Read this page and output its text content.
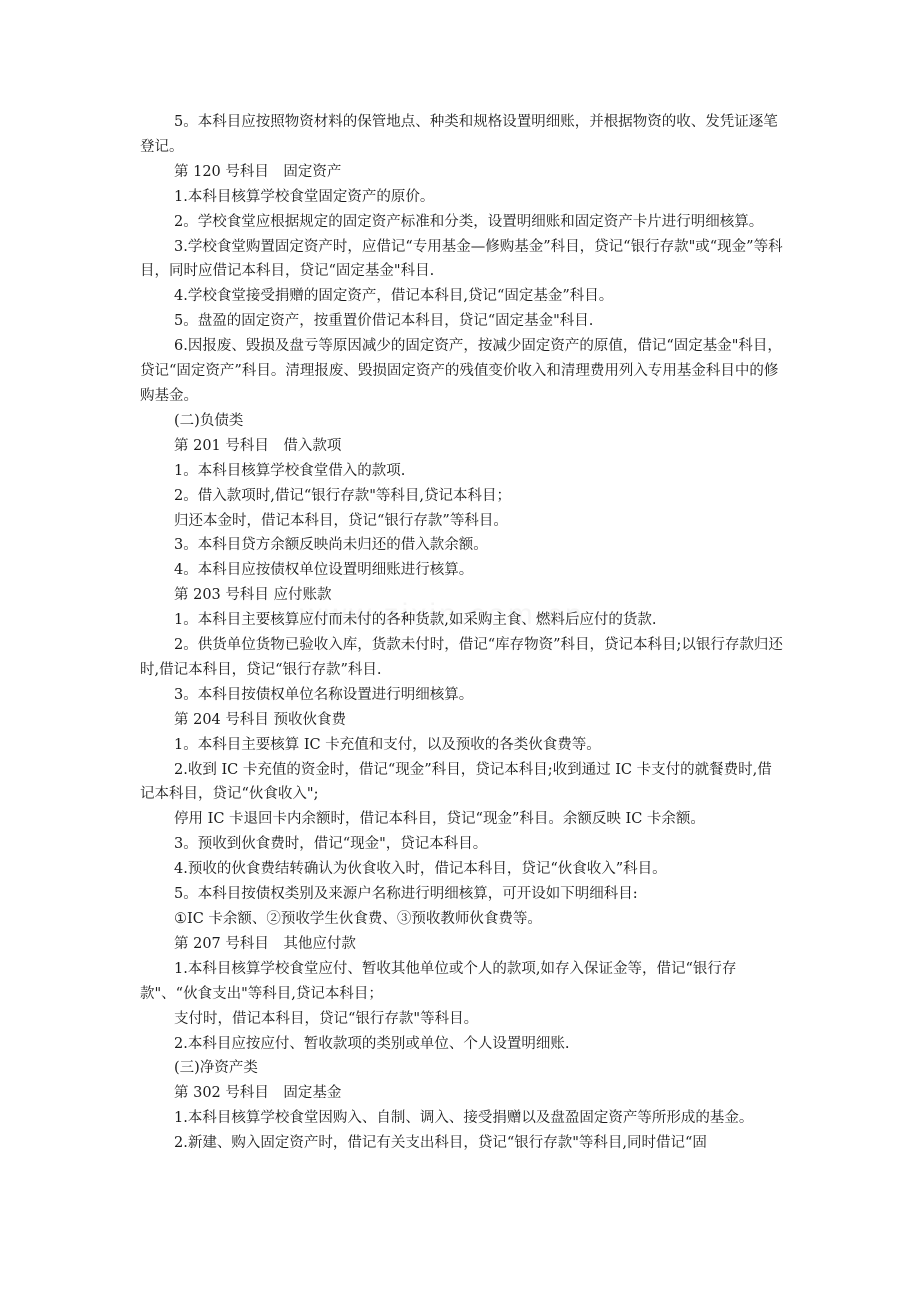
5。本科目应按照物资材料的保管地点、种类和规格设置明细账，并根据物资的收、发凭证逐笔登记。

第 120 号科目　固定资产

1.本科目核算学校食堂固定资产的原价。

2。学校食堂应根据规定的固定资产标准和分类，设置明细账和固定资产卡片进行明细核算。

3.学校食堂购置固定资产时，应借记“专用基金—修购基金”科目，贷记“银行存款"或“现金”等科目，同时应借记本科目，贷记“固定基金"科目.

4.学校食堂接受捐赠的固定资产，借记本科目,贷记“固定基金”科目。

5。盘盈的固定资产，按重置价借记本科目，贷记“固定基金"科目.

6.因报废、毁损及盘亏等原因减少的固定资产，按减少固定资产的原值，借记“固定基金"科目，贷记“固定资产”科目。清理报废、毁损固定资产的残值变价收入和清理费用列入专用基金科目中的修购基金。

(二)负债类

第 201 号科目　借入款项

1。本科目核算学校食堂借入的款项.

2。借入款项时,借记“银行存款"等科目,贷记本科目；

归还本金时，借记本科目，贷记“银行存款”等科目。

3。本科目贷方余额反映尚未归还的借入款余额。

4。本科目应按债权单位设置明细账进行核算。

第 203 号科目 应付账款

1。本科目主要核算应付而未付的各种货款,如采购主食、燃料后应付的货款.

2。供货单位货物已验收入库，货款未付时，借记“库存物资”科目，贷记本科目;以银行存款归还时,借记本科目，贷记“银行存款”科目.

3。本科目按债权单位名称设置进行明细核算。

第 204 号科目 预收伙食费

1。本科目主要核算 IC 卡充值和支付，以及预收的各类伙食费等。

2.收到 IC 卡充值的资金时，借记“现金”科目，贷记本科目;收到通过 IC 卡支付的就餐费时,借记本科目，贷记“伙食收入";

停用 IC 卡退回卡内余额时，借记本科目，贷记“现金”科目。余额反映 IC 卡余额。

3。预收到伙食费时，借记“现金"，贷记本科目。

4.预收的伙食费结转确认为伙食收入时，借记本科目，贷记“伙食收入”科目。

5。本科目按债权类别及来源户名称进行明细核算，可开设如下明细科目:

①IC 卡余额、②预收学生伙食费、③预收教师伙食费等。

第 207 号科目　其他应付款

1.本科目核算学校食堂应付、暂收其他单位或个人的款项,如存入保证金等，借记“银行存款"、“伙食支出"等科目,贷记本科目；

支付时，借记本科目，贷记“银行存款"等科目。

2.本科目应按应付、暂收款项的类别或单位、个人设置明细账.

(三)净资产类

第 302 号科目　固定基金

1.本科目核算学校食堂因购入、自制、调入、接受捐赠以及盘盈固定资产等所形成的基金。

2.新建、购入固定资产时，借记有关支出科目，贷记“银行存款"等科目,同时借记“固
